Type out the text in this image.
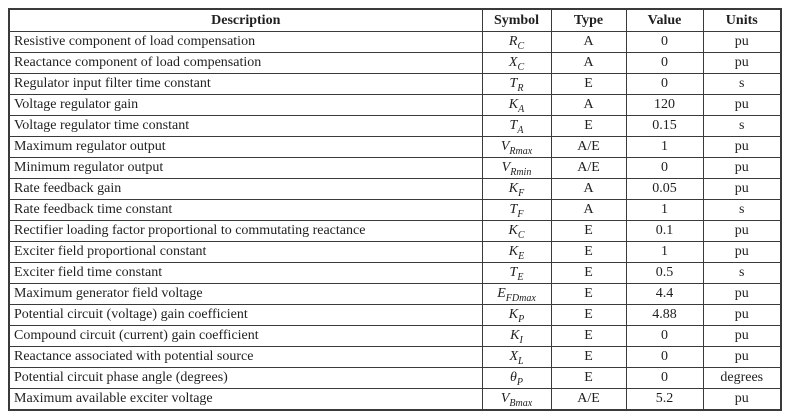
Description	Symbol	Type	Value	Units
Resistive component of load compensation	$R_C$	A	0	pu
Reactance component of load compensation	$X_C$	A	0	pu
Regulator input filter time constant	$T_R$	E	0	s
Voltage regulator gain	$K_A$	A	120	pu
Voltage regulator time constant	$T_A$	E	0.15	s
Maximum regulator output	$V_{Rmax}$	A/E	1	pu
Minimum regulator output	$V_{Rmin}$	A/E	0	pu
Rate feedback gain	$K_F$	A	0.05	pu
Rate feedback time constant	$T_F$	A	1	s
Rectifier loading factor proportional to commutating reactance	$K_C$	E	0.1	pu
Exciter field proportional constant	$K_E$	E	1	pu
Exciter field time constant	$T_E$	E	0.5	s
Maximum generator field voltage	$E_{FDmax}$	E	4.4	pu
Potential circuit (voltage) gain coefficient	$K_P$	E	4.88	pu
Compound circuit (current) gain coefficient	$K_I$	E	0	pu
Reactance associated with potential source	$X_L$	E	0	pu
Potential circuit phase angle (degrees)	$\theta_P$	E	0	degrees
Maximum available exciter voltage	$V_{Bmax}$	A/E	5.2	pu
